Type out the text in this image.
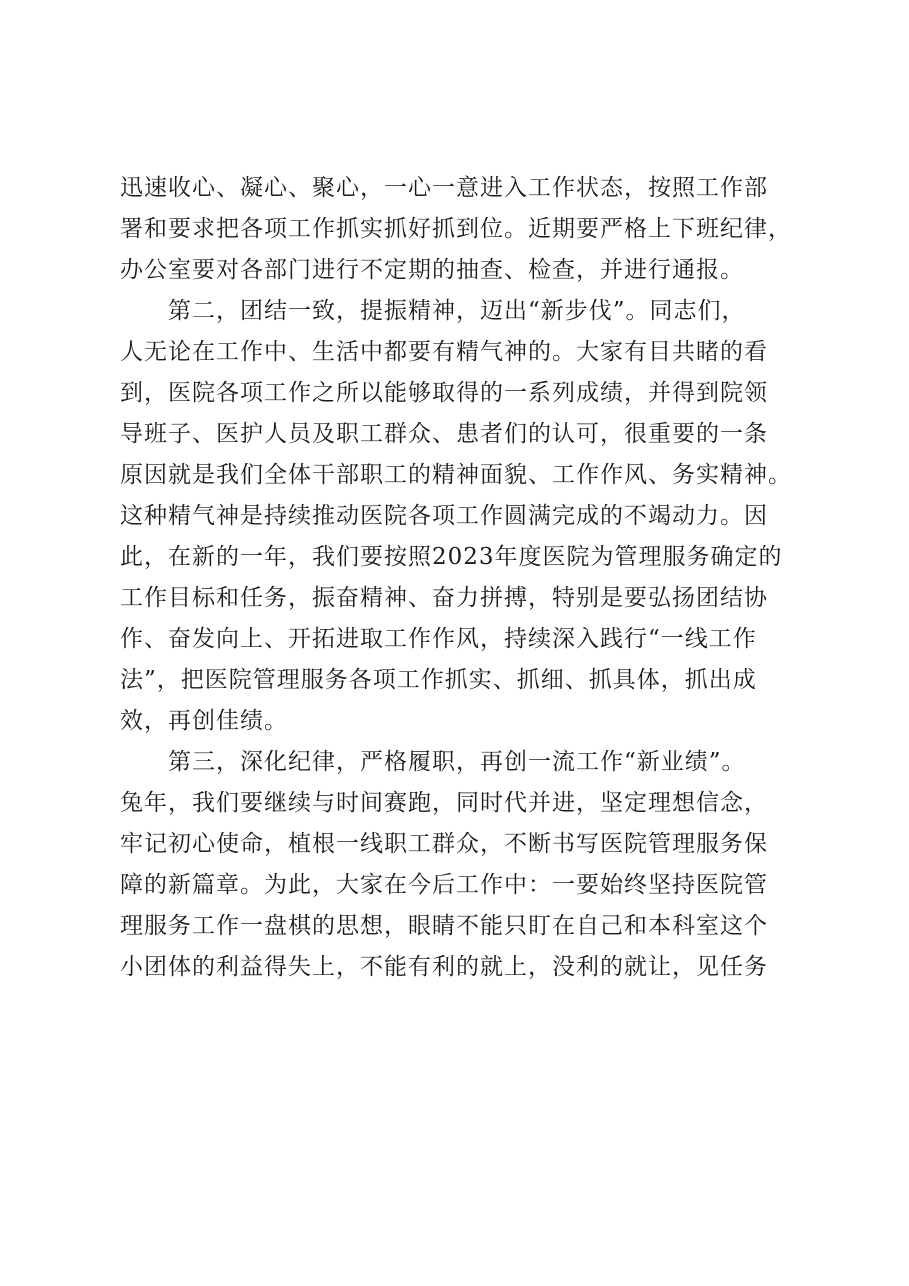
迅速收心、凝心、聚心，一心一意进入工作状态，按照工作部
署和要求把各项工作抓实抓好抓到位。近期要严格上下班纪律，
办公室要对各部门进行不定期的抽查、检查，并进行通报。
第二，团结一致，提振精神，迈出“新步伐”。同志们，
人无论在工作中、生活中都要有精气神的。大家有目共睹的看
到，医院各项工作之所以能够取得的一系列成绩，并得到院领
导班子、医护人员及职工群众、患者们的认可，很重要的一条
原因就是我们全体干部职工的精神面貌、工作作风、务实精神。
这种精气神是持续推动医院各项工作圆满完成的不竭动力。因
此，在新的一年，我们要按照2023年度医院为管理服务确定的
工作目标和任务，振奋精神、奋力拼搏，特别是要弘扬团结协
作、奋发向上、开拓进取工作作风，持续深入践行“一线工作
法”，把医院管理服务各项工作抓实、抓细、抓具体，抓出成
效，再创佳绩。
第三，深化纪律，严格履职，再创一流工作“新业绩”。
兔年，我们要继续与时间赛跑，同时代并进，坚定理想信念，
牢记初心使命，植根一线职工群众，不断书写医院管理服务保
障的新篇章。为此，大家在今后工作中：一要始终坚持医院管
理服务工作一盘棋的思想，眼睛不能只盯在自己和本科室这个
小团体的利益得失上，不能有利的就上，没利的就让，见任务
